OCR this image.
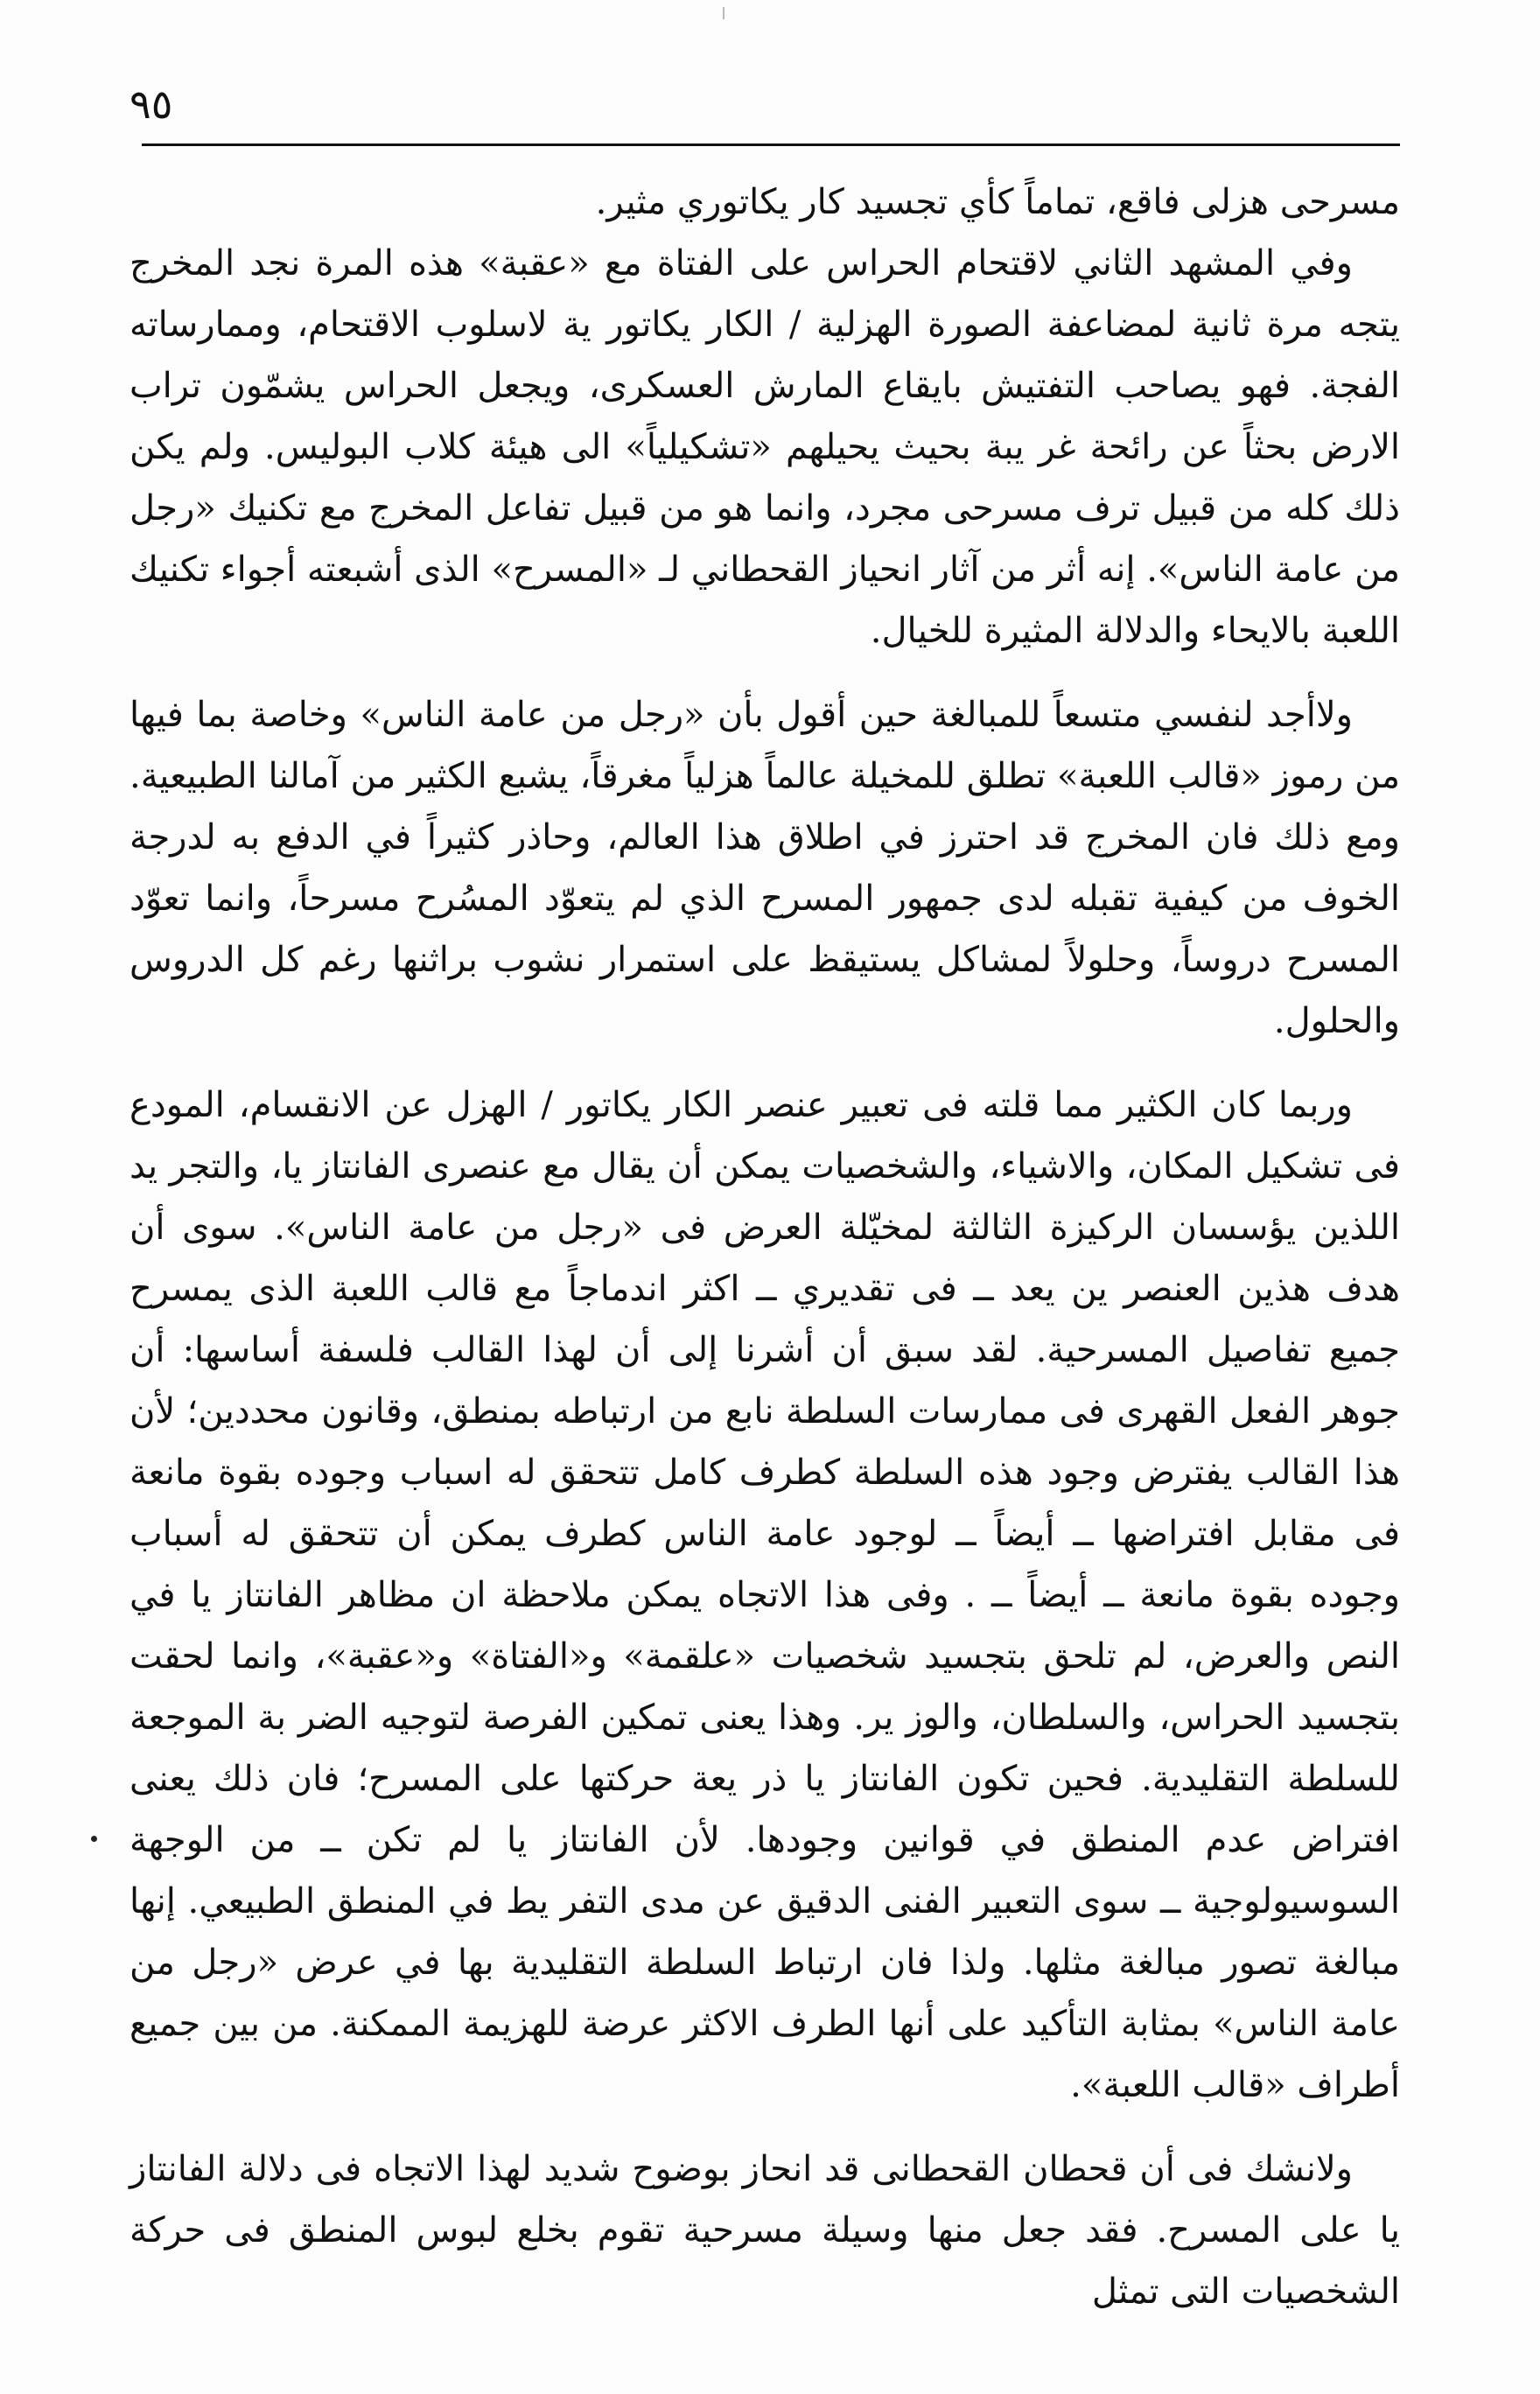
٩٥

مسرحى هزلى فاقع، تماماً كأي تجسيد كار يكاتوري مثير.

وفي المشهد الثاني لاقتحام الحراس على الفتاة مع «عقبة» هذه المرة نجد المخرج يتجه مرة ثانية لمضاعفة الصورة الهزلية / الكار يكاتور ية لاسلوب الاقتحام، وممارساته الفجة. فهو يصاحب التفتيش بايقاع المارش العسكرى، ويجعل الحراس يشمّون تراب الارض بحثاً عن رائحة غر يبة بحيث يحيلهم «تشكيلياً» الى هيئة كلاب البوليس. ولم يكن ذلك كله من قبيل ترف مسرحى مجرد، وانما هو من قبيل تفاعل المخرج مع تكنيك «رجل من عامة الناس». إنه أثر من آثار انحياز القحطاني لـ «المسرح» الذى أشبعته أجواء تكنيك اللعبة بالايحاء والدلالة المثيرة للخيال.

ولاأجد لنفسي متسعاً للمبالغة حين أقول بأن «رجل من عامة الناس» وخاصة بما فيها من رموز «قالب اللعبة» تطلق للمخيلة عالماً هزلياً مغرقاً، يشبع الكثير من آمالنا الطبيعية. ومع ذلك فان المخرج قد احترز في اطلاق هذا العالم، وحاذر كثيراً في الدفع به لدرجة الخوف من كيفية تقبله لدى جمهور المسرح الذي لم يتعوّد المسُرح مسرحاً، وانما تعوّد المسرح دروساً، وحلولاً لمشاكل يستيقظ على استمرار نشوب براثنها رغم كل الدروس والحلول.

وربما كان الكثير مما قلته فى تعبير عنصر الكار يكاتور / الهزل عن الانقسام، المودع فى تشكيل المكان، والاشياء، والشخصيات يمكن أن يقال مع عنصرى الفانتاز يا، والتجر يد اللذين يؤسسان الركيزة الثالثة لمخيّلة العرض فى «رجل من عامة الناس». سوى أن هدف هذين العنصر ين يعد ــ فى تقديري ــ اكثر اندماجاً مع قالب اللعبة الذى يمسرح جميع تفاصيل المسرحية. لقد سبق أن أشرنا إلى أن لهذا القالب فلسفة أساسها: أن جوهر الفعل القهرى فى ممارسات السلطة نابع من ارتباطه بمنطق، وقانون محددين؛ لأن هذا القالب يفترض وجود هذه السلطة كطرف كامل تتحقق له اسباب وجوده بقوة مانعة فى مقابل افتراضها ــ أيضاً ــ لوجود عامة الناس كطرف يمكن أن تتحقق له أسباب وجوده بقوة مانعة ــ أيضاً ــ . وفى هذا الاتجاه يمكن ملاحظة ان مظاهر الفانتاز يا في النص والعرض، لم تلحق بتجسيد شخصيات «علقمة» و«الفتاة» و«عقبة»، وانما لحقت بتجسيد الحراس، والسلطان، والوز ير. وهذا يعنى تمكين الفرصة لتوجيه الضر بة الموجعة للسلطة التقليدية. فحين تكون الفانتاز يا ذر يعة حركتها على المسرح؛ فان ذلك يعنى افتراض عدم المنطق في قوانين وجودها. لأن الفانتاز يا لم تكن ــ من الوجهة السوسيولوجية ــ سوى التعبير الفنى الدقيق عن مدى التفر يط في المنطق الطبيعي. إنها مبالغة تصور مبالغة مثلها. ولذا فان ارتباط السلطة التقليدية بها في عرض «رجل من عامة الناس» بمثابة التأكيد على أنها الطرف الاكثر عرضة للهزيمة الممكنة. من بين جميع أطراف «قالب اللعبة».

ولانشك فى أن قحطان القحطانى قد انحاز بوضوح شديد لهذا الاتجاه فى دلالة الفانتاز يا على المسرح. فقد جعل منها وسيلة مسرحية تقوم بخلع لبوس المنطق فى حركة الشخصيات التى تمثل
